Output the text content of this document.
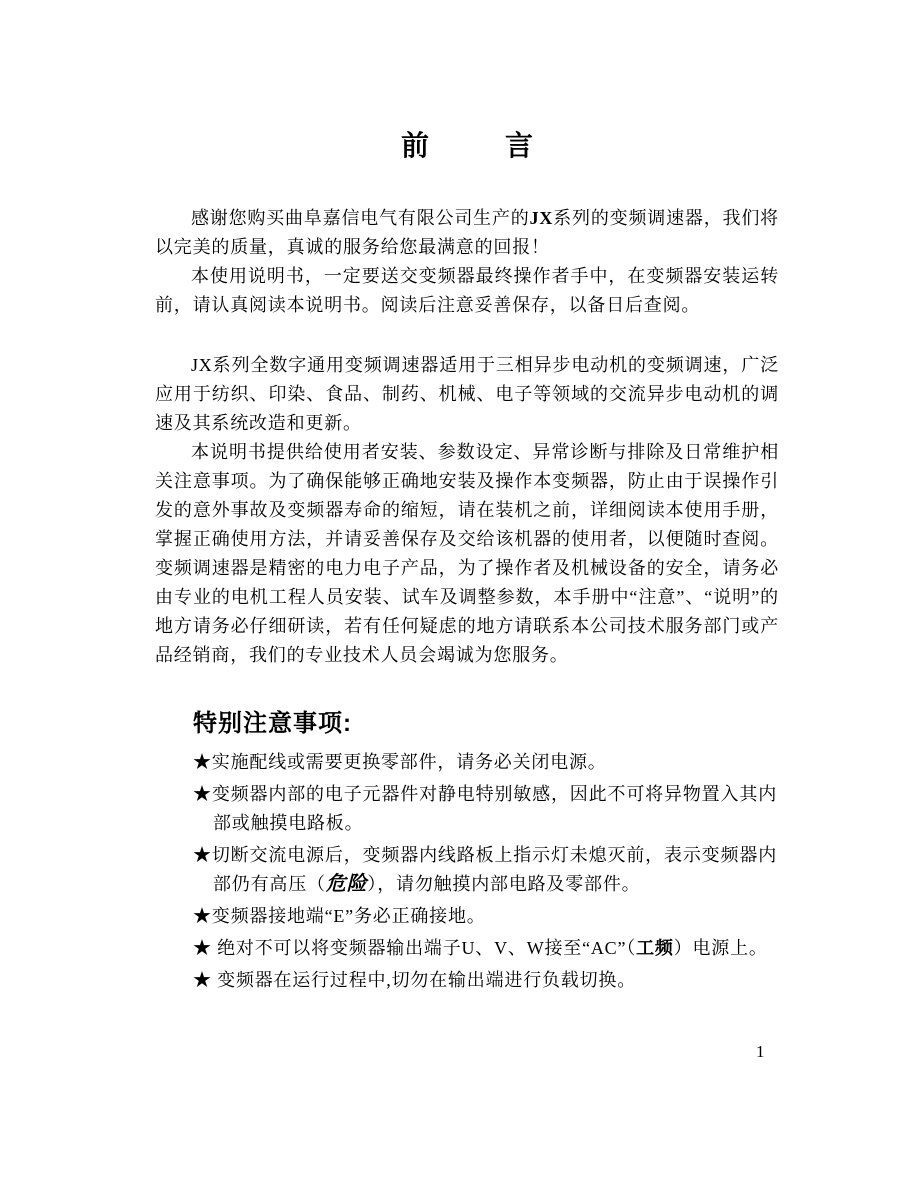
前	言

感谢您购买曲阜嘉信电气有限公司生产的JX系列的变频调速器，我们将以完美的质量，真诚的服务给您最满意的回报！

本使用说明书，一定要送交变频器最终操作者手中，在变频器安装运转前，请认真阅读本说明书。阅读后注意妥善保存，以备日后查阅。

JX系列全数字通用变频调速器适用于三相异步电动机的变频调速，广泛应用于纺织、印染、食品、制药、机械、电子等领域的交流异步电动机的调速及其系统改造和更新。

本说明书提供给使用者安装、参数设定、异常诊断与排除及日常维护相关注意事项。为了确保能够正确地安装及操作本变频器，防止由于误操作引发的意外事故及变频器寿命的缩短，请在装机之前，详细阅读本使用手册，掌握正确使用方法，并请妥善保存及交给该机器的使用者，以便随时查阅。变频调速器是精密的电力电子产品，为了操作者及机械设备的安全，请务必由专业的电机工程人员安装、试车及调整参数，本手册中“注意”、“说明”的地方请务必仔细研读，若有任何疑虑的地方请联系本公司技术服务部门或产品经销商，我们的专业技术人员会竭诚为您服务。

特别注意事项:
★实施配线或需要更换零部件，请务必关闭电源。
★变频器内部的电子元器件对静电特别敏感，因此不可将异物置入其内部或触摸电路板。
★切断交流电源后，变频器内线路板上指示灯未熄灭前，表示变频器内部仍有高压（危险），请勿触摸内部电路及零部件。
★变频器接地端“E”务必正确接地。
★ 绝对不可以将变频器输出端子U、V、W接至“AC”（工频）电源上。
★ 变频器在运行过程中,切勿在输出端进行负载切换。
1
